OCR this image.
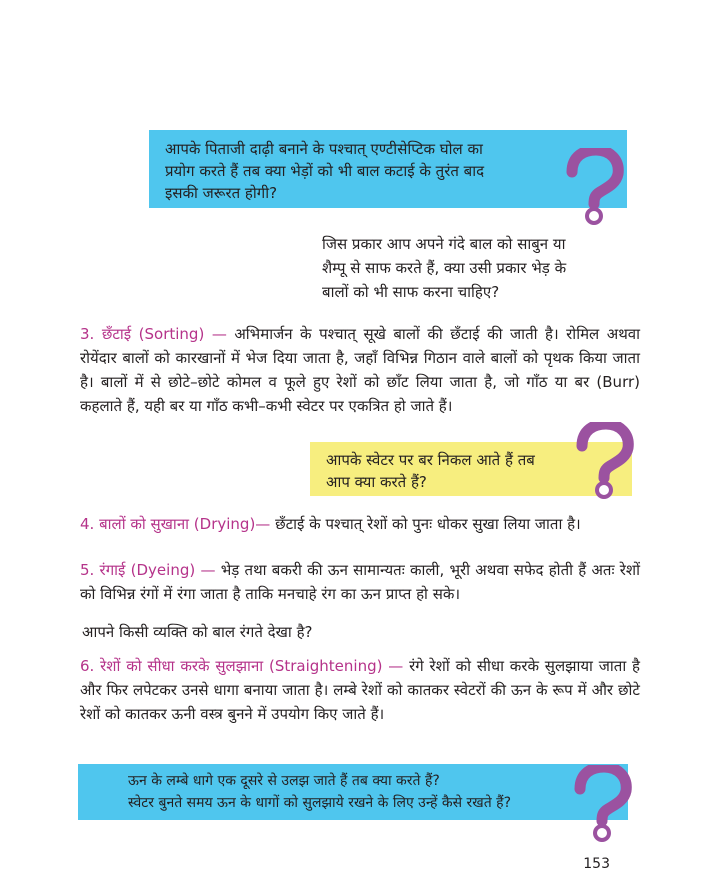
आपके पिताजी दाढ़ी बनाने के पश्चात् एण्टीसेप्टिक घोल का

प्रयोग करते हैं तब क्या भेड़ों को भी बाल कटाई के तुरंत बाद

इसकी जरूरत होगी?

जिस प्रकार आप अपने गंदे बाल को साबुन या

शैम्पू से साफ करते हैं, क्या उसी प्रकार भेड़ के

बालों को भी साफ करना चाहिए?

3. छँटाई (Sorting) — अभिमार्जन के पश्चात् सूखे बालों की छँटाई की जाती है। रोमिल अथवा रोयेंदार बालों को कारखानों में भेज दिया जाता है, जहाँ विभिन्न गिठान वाले बालों को पृथक किया जाता है। बालों में से छोटे–छोटे कोमल व फूले हुए रेशों को छाँट लिया जाता है, जो गाँठ या बर (Burr) कहलाते हैं, यही बर या गाँठ कभी–कभी स्वेटर पर एकत्रित हो जाते हैं।

आपके स्वेटर पर बर निकल आते हैं तब

आप क्या करते हैं?

4. बालों को सुखाना (Drying)— छँटाई के पश्चात् रेशों को पुनः धोकर सुखा लिया जाता है।

5. रंगाई (Dyeing) — भेड़ तथा बकरी की ऊन सामान्यतः काली, भूरी अथवा सफेद होती हैं अतः रेशों को विभिन्न रंगों में रंगा जाता है ताकि मनचाहे रंग का ऊन प्राप्त हो सके।

आपने किसी व्यक्ति को बाल रंगते देखा है?

6. रेशों को सीधा करके सुलझाना (Straightening) — रंगे रेशों को सीधा करके सुलझाया जाता है और फिर लपेटकर उनसे धागा बनाया जाता है। लम्बे रेशों को कातकर स्वेटरों की ऊन के रूप में और छोटे रेशों को कातकर ऊनी वस्त्र बुनने में उपयोग किए जाते हैं।

ऊन के लम्बे धागे एक दूसरे से उलझ जाते हैं तब क्या करते हैं?

स्वेटर बुनते समय ऊन के धागों को सुलझाये रखने के लिए उन्हें कैसे रखते हैं?

153
